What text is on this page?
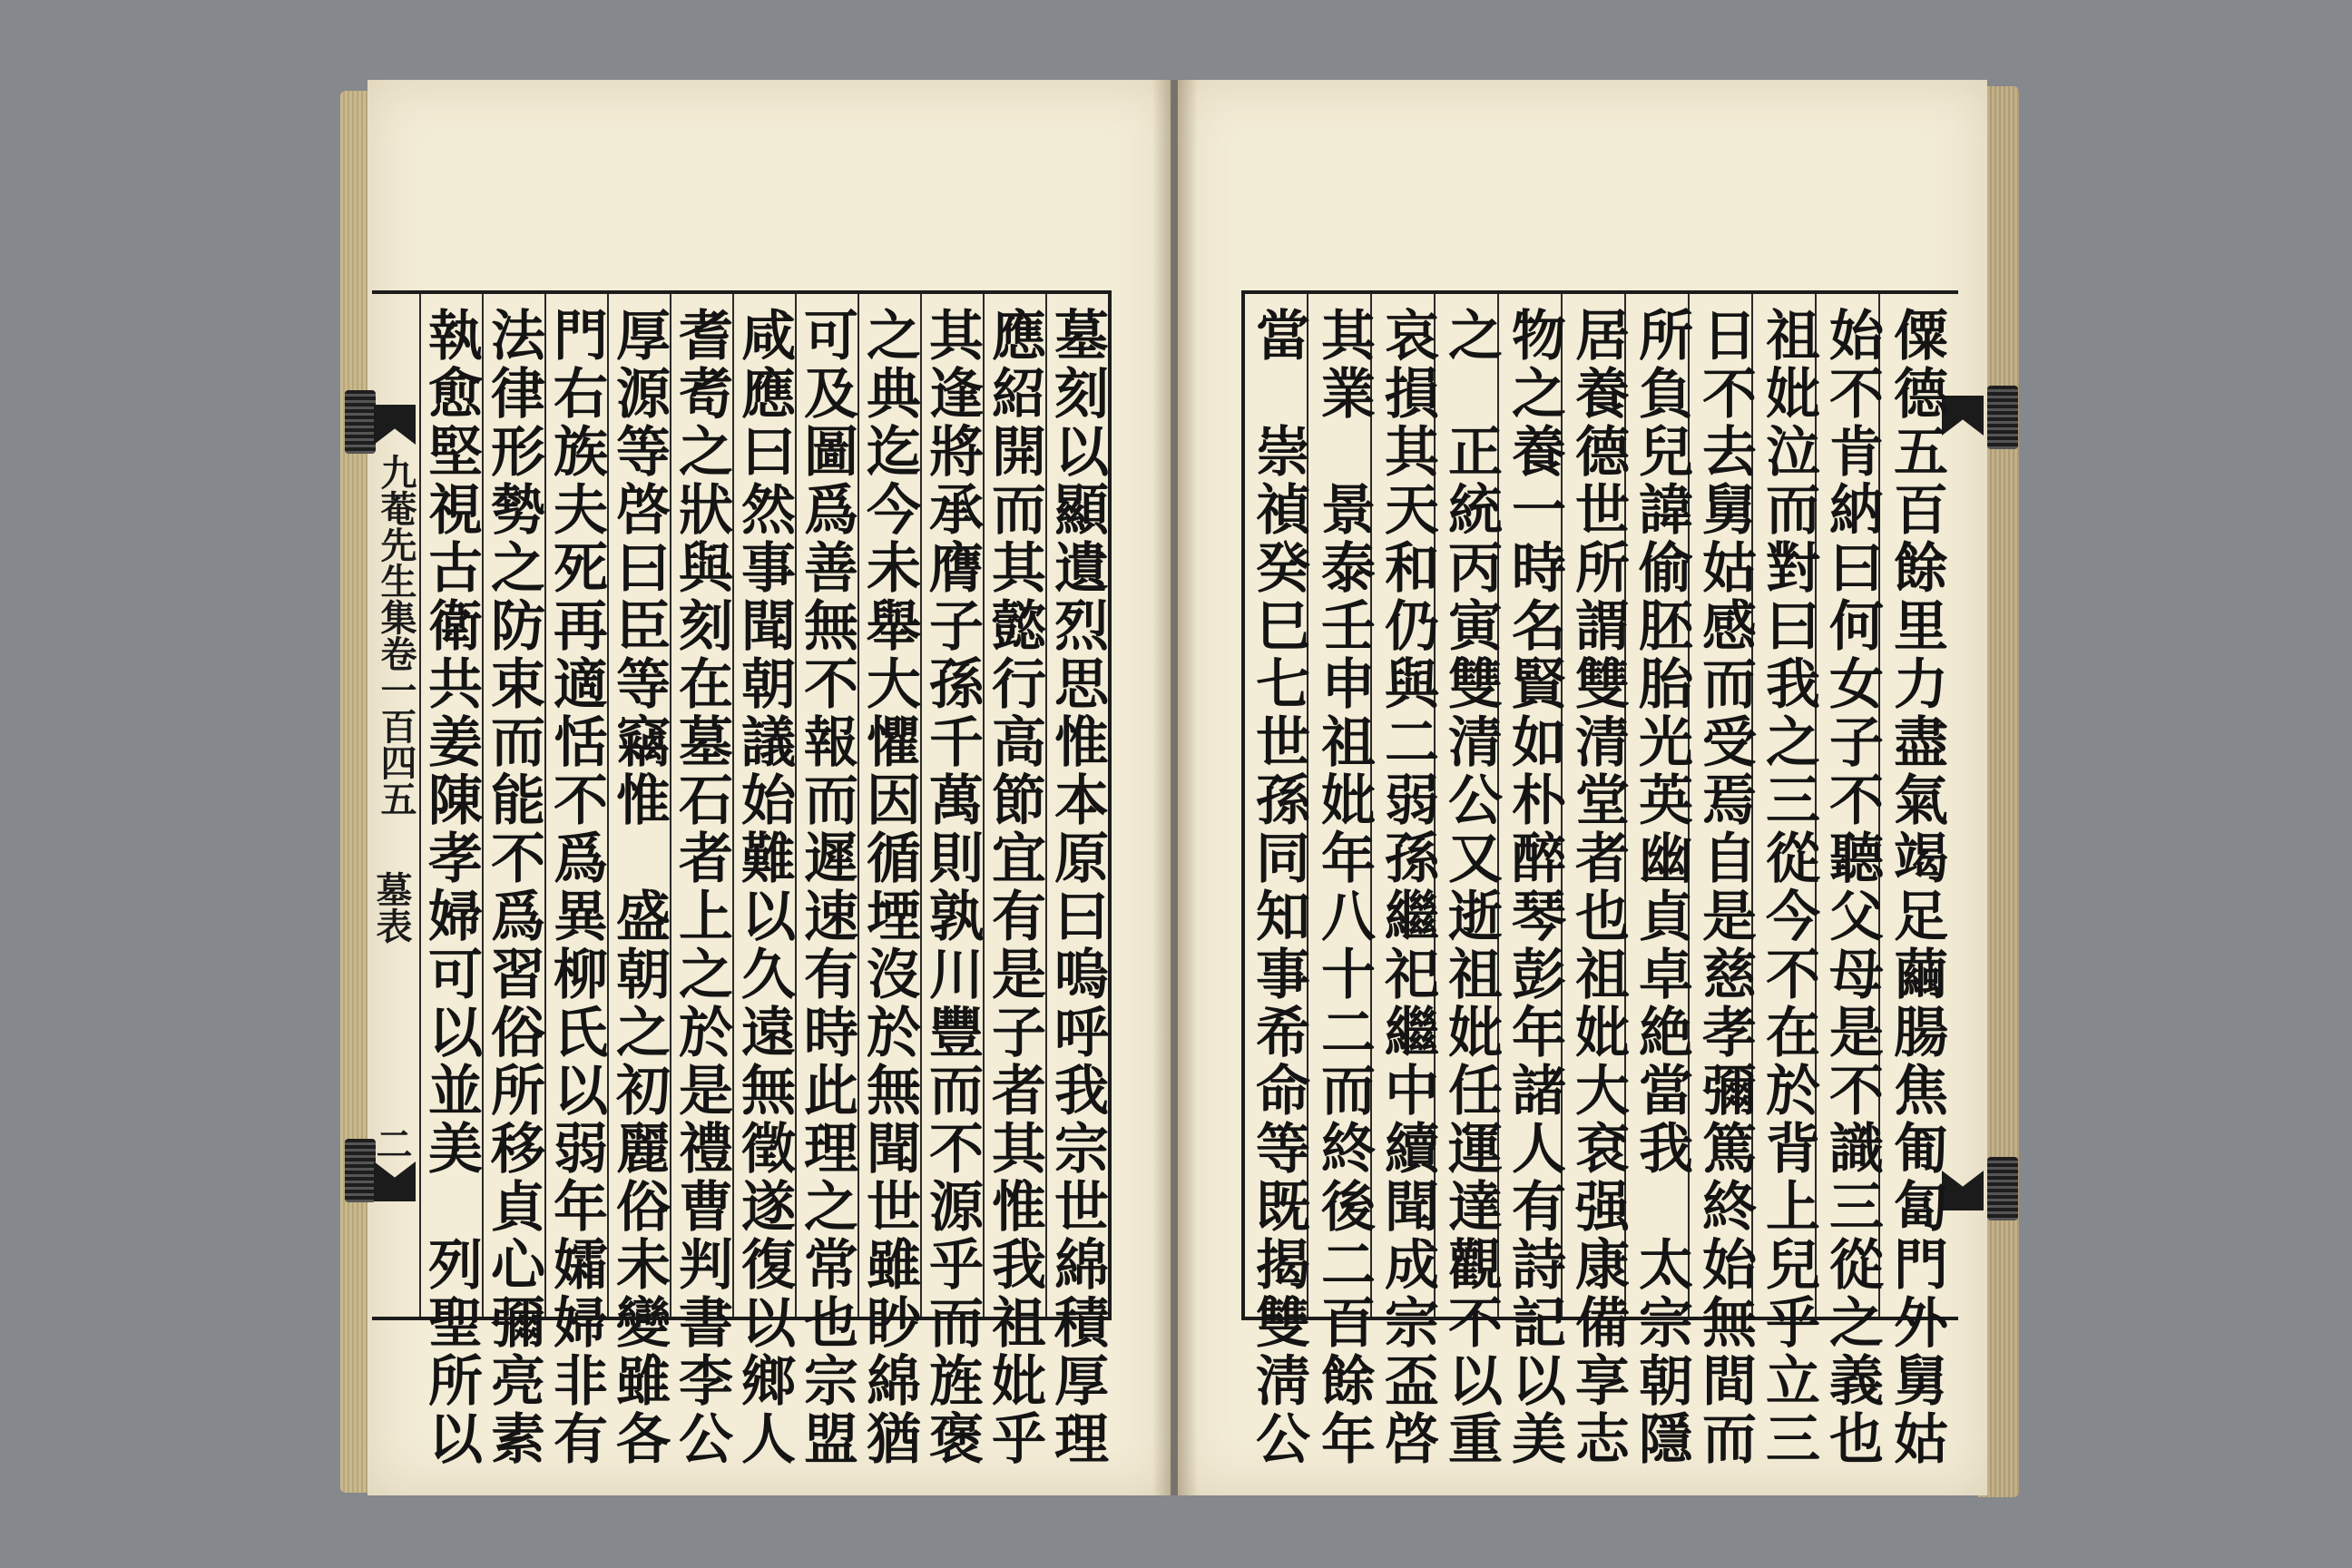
九菴先生集卷一百四五
墓表
二	墓刻以顯遺烈思惟本原曰嗚呼我宗世綿積厚理
應紹開而其懿行高節宜有是子者其惟我祖妣乎
其逢將承膺子孫千萬則孰川豐而不源乎而旌褒
之典迄今未舉大懼因循堙沒於無聞世雖眇綿猶
可及圖爲善無不報而遲速有時此理之常也宗盟
咸應曰然事聞朝議始難以久遠無徵遂復以鄉人
耆耉之狀與刻在墓石者上之於是禮曹判書李公
厚源等啓曰臣等竊惟　盛朝之初麗俗未變雖各
門右族夫死再適恬不爲異柳氏以弱年孀婦非有
法律形勢之防束而能不爲習俗所移貞心彌亮素
執愈堅視古衛共姜陳孝婦可以並美　列聖所以	僳德五百餘里力盡氣竭足繭腸焦匍匐門外舅姑
始不肯納曰何女子不聽父母是不識三從之義也
祖妣泣而對曰我之三從今不在於背上兒乎立三
日不去舅姑感而受焉自是慈孝彌篤終始無間而
所負兒諱偷胚胎光英幽貞卓絶當我　太宗朝隱
居養德世所謂雙清堂者也祖妣大袞强康備享志
物之養一時名賢如朴醉琴彭年諸人有詩記以美
之　正統丙寅雙清公又逝祖妣任運達觀不以重
哀損其天和仍與二弱孫繼祀繼中續聞成宗盃啓
其業　景泰壬申祖妣年八十二而終後二百餘年
當　崇禎癸巳七世孫同知事希命等既揭雙淸公
